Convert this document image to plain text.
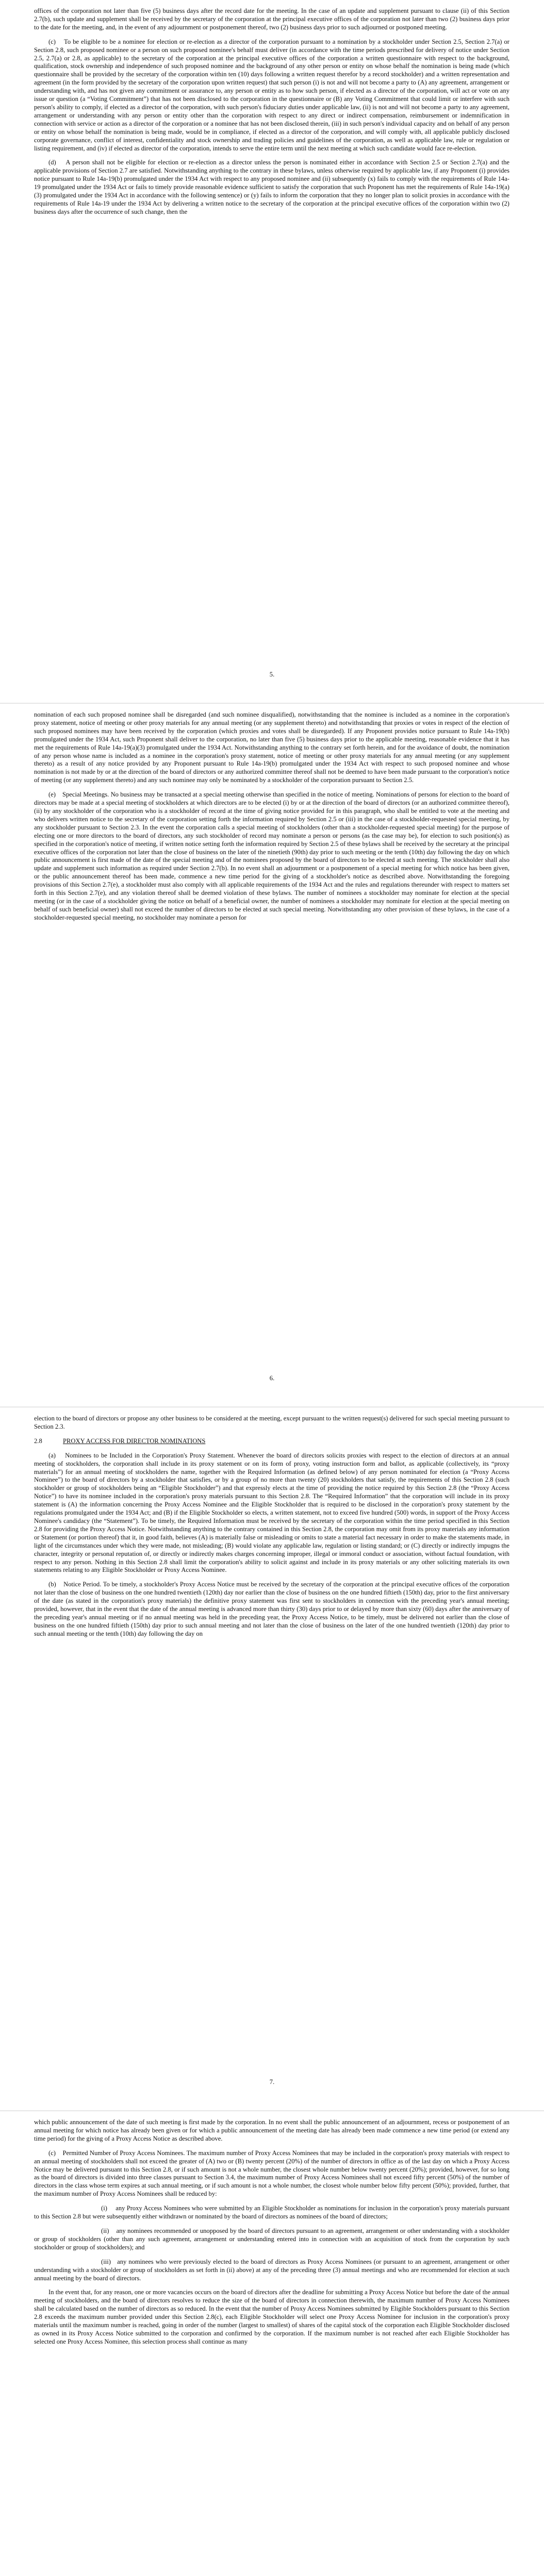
offices of the corporation not later than five (5) business days after the record date for the meeting. In the case of an update and supplement pursuant to clause (ii) of this Section 2.7(b), such update and supplement shall be received by the secretary of the corporation at the principal executive offices of the corporation not later than two (2) business days prior to the date for the meeting, and, in the event of any adjournment or postponement thereof, two (2) business days prior to such adjourned or postponed meeting.

(c)    To be eligible to be a nominee for election or re-election as a director of the corporation pursuant to a nomination by a stockholder under Section 2.5, Section 2.7(a) or Section 2.8, such proposed nominee or a person on such proposed nominee's behalf must deliver (in accordance with the time periods prescribed for delivery of notice under Section 2.5, 2.7(a) or 2.8, as applicable) to the secretary of the corporation at the principal executive offices of the corporation a written questionnaire with respect to the background, qualification, stock ownership and independence of such proposed nominee and the background of any other person or entity on whose behalf the nomination is being made (which questionnaire shall be provided by the secretary of the corporation within ten (10) days following a written request therefor by a record stockholder) and a written representation and agreement (in the form provided by the secretary of the corporation upon written request) that such person (i) is not and will not become a party to (A) any agreement, arrangement or understanding with, and has not given any commitment or assurance to, any person or entity as to how such person, if elected as a director of the corporation, will act or vote on any issue or question (a “Voting Commitment”) that has not been disclosed to the corporation in the questionnaire or (B) any Voting Commitment that could limit or interfere with such person's ability to comply, if elected as a director of the corporation, with such person's fiduciary duties under applicable law, (ii) is not and will not become a party to any agreement, arrangement or understanding with any person or entity other than the corporation with respect to any direct or indirect compensation, reimbursement or indemnification in connection with service or action as a director of the corporation or a nominee that has not been disclosed therein, (iii) in such person's individual capacity and on behalf of any person or entity on whose behalf the nomination is being made, would be in compliance, if elected as a director of the corporation, and will comply with, all applicable publicly disclosed corporate governance, conflict of interest, confidentiality and stock ownership and trading policies and guidelines of the corporation, as well as applicable law, rule or regulation or listing requirement, and (iv) if elected as director of the corporation, intends to serve the entire term until the next meeting at which such candidate would face re-election.

(d)    A person shall not be eligible for election or re-election as a director unless the person is nominated either in accordance with Section 2.5 or Section 2.7(a) and the applicable provisions of Section 2.7 are satisfied. Notwithstanding anything to the contrary in these bylaws, unless otherwise required by applicable law, if any Proponent (i) provides notice pursuant to Rule 14a-19(b) promulgated under the 1934 Act with respect to any proposed nominee and (ii) subsequently (x) fails to comply with the requirements of Rule 14a-19 promulgated under the 1934 Act or fails to timely provide reasonable evidence sufficient to satisfy the corporation that such Proponent has met the requirements of Rule 14a-19(a)(3) promulgated under the 1934 Act in accordance with the following sentence) or (y) fails to inform the corporation that they no longer plan to solicit proxies in accordance with the requirements of Rule 14a-19 under the 1934 Act by delivering a written notice to the secretary of the corporation at the principal executive offices of the corporation within two (2) business days after the occurrence of such change, then the

5.

nomination of each such proposed nominee shall be disregarded (and such nominee disqualified), notwithstanding that the nominee is included as a nominee in the corporation's proxy statement, notice of meeting or other proxy materials for any annual meeting (or any supplement thereto) and notwithstanding that proxies or votes in respect of the election of such proposed nominees may have been received by the corporation (which proxies and votes shall be disregarded). If any Proponent provides notice pursuant to Rule 14a-19(b) promulgated under the 1934 Act, such Proponent shall deliver to the corporation, no later than five (5) business days prior to the applicable meeting, reasonable evidence that it has met the requirements of Rule 14a-19(a)(3) promulgated under the 1934 Act. Notwithstanding anything to the contrary set forth herein, and for the avoidance of doubt, the nomination of any person whose name is included as a nominee in the corporation's proxy statement, notice of meeting or other proxy materials for any annual meeting (or any supplement thereto) as a result of any notice provided by any Proponent pursuant to Rule 14a-19(b) promulgated under the 1934 Act with respect to such proposed nominee and whose nomination is not made by or at the direction of the board of directors or any authorized committee thereof shall not be deemed to have been made pursuant to the corporation's notice of meeting (or any supplement thereto) and any such nominee may only be nominated by a stockholder of the corporation pursuant to Section 2.5.

(e)    Special Meetings. No business may be transacted at a special meeting otherwise than specified in the notice of meeting. Nominations of persons for election to the board of directors may be made at a special meeting of stockholders at which directors are to be elected (i) by or at the direction of the board of directors (or an authorized committee thereof), (ii) by any stockholder of the corporation who is a stockholder of record at the time of giving notice provided for in this paragraph, who shall be entitled to vote at the meeting and who delivers written notice to the secretary of the corporation setting forth the information required by Section 2.5 or (iii) in the case of a stockholder-requested special meeting, by any stockholder pursuant to Section 2.3. In the event the corporation calls a special meeting of stockholders (other than a stockholder-requested special meeting) for the purpose of electing one or more directors to the board of directors, any such stockholder of record may nominate a person or persons (as the case may be), for election to such position(s) as specified in the corporation's notice of meeting, if written notice setting forth the information required by Section 2.5 of these bylaws shall be received by the secretary at the principal executive offices of the corporation not later than the close of business on the later of the ninetieth (90th) day prior to such meeting or the tenth (10th) day following the day on which public announcement is first made of the date of the special meeting and of the nominees proposed by the board of directors to be elected at such meeting. The stockholder shall also update and supplement such information as required under Section 2.7(b). In no event shall an adjournment or a postponement of a special meeting for which notice has been given, or the public announcement thereof has been made, commence a new time period for the giving of a stockholder's notice as described above. Notwithstanding the foregoing provisions of this Section 2.7(e), a stockholder must also comply with all applicable requirements of the 1934 Act and the rules and regulations thereunder with respect to matters set forth in this Section 2.7(e), and any violation thereof shall be deemed violation of these bylaws. The number of nominees a stockholder may nominate for election at the special meeting (or in the case of a stockholder giving the notice on behalf of a beneficial owner, the number of nominees a stockholder may nominate for election at the special meeting on behalf of such beneficial owner) shall not exceed the number of directors to be elected at such special meeting. Notwithstanding any other provision of these bylaws, in the case of a stockholder-requested special meeting, no stockholder may nominate a person for

6.

election to the board of directors or propose any other business to be considered at the meeting, except pursuant to the written request(s) delivered for such special meeting pursuant to Section 2.3.

2.8	PROXY ACCESS FOR DIRECTOR NOMINATIONS

(a)    Nominees to be Included in the Corporation's Proxy Statement. Whenever the board of directors solicits proxies with respect to the election of directors at an annual meeting of stockholders, the corporation shall include in its proxy statement or on its form of proxy, voting instruction form and ballot, as applicable (collectively, its “proxy materials”) for an annual meeting of stockholders the name, together with the Required Information (as defined below) of any person nominated for election (a “Proxy Access Nominee”) to the board of directors by a stockholder that satisfies, or by a group of no more than twenty (20) stockholders that satisfy, the requirements of this Section 2.8 (such stockholder or group of stockholders being an “Eligible Stockholder”) and that expressly elects at the time of providing the notice required by this Section 2.8 (the “Proxy Access Notice”) to have its nominee included in the corporation's proxy materials pursuant to this Section 2.8. The “Required Information” that the corporation will include in its proxy statement is (A) the information concerning the Proxy Access Nominee and the Eligible Stockholder that is required to be disclosed in the corporation's proxy statement by the regulations promulgated under the 1934 Act; and (B) if the Eligible Stockholder so elects, a written statement, not to exceed five hundred (500) words, in support of the Proxy Access Nominee's candidacy (the “Statement”). To be timely, the Required Information must be received by the secretary of the corporation within the time period specified in this Section 2.8 for providing the Proxy Access Notice. Notwithstanding anything to the contrary contained in this Section 2.8, the corporation may omit from its proxy materials any information or Statement (or portion thereof) that it, in good faith, believes (A) is materially false or misleading or omits to state a material fact necessary in order to make the statements made, in light of the circumstances under which they were made, not misleading; (B) would violate any applicable law, regulation or listing standard; or (C) directly or indirectly impugns the character, integrity or personal reputation of, or directly or indirectly makes charges concerning improper, illegal or immoral conduct or association, without factual foundation, with respect to any person. Nothing in this Section 2.8 shall limit the corporation's ability to solicit against and include in its proxy materials or any other soliciting materials its own statements relating to any Eligible Stockholder or Proxy Access Nominee.

(b)    Notice Period. To be timely, a stockholder's Proxy Access Notice must be received by the secretary of the corporation at the principal executive offices of the corporation not later than the close of business on the one hundred twentieth (120th) day nor earlier than the close of business on the one hundred fiftieth (150th) day, prior to the first anniversary of the date (as stated in the corporation's proxy materials) the definitive proxy statement was first sent to stockholders in connection with the preceding year's annual meeting; provided, however, that in the event that the date of the annual meeting is advanced more than thirty (30) days prior to or delayed by more than sixty (60) days after the anniversary of the preceding year's annual meeting or if no annual meeting was held in the preceding year, the Proxy Access Notice, to be timely, must be delivered not earlier than the close of business on the one hundred fiftieth (150th) day prior to such annual meeting and not later than the close of business on the later of the one hundred twentieth (120th) day prior to such annual meeting or the tenth (10th) day following the day on

7.

which public announcement of the date of such meeting is first made by the corporation. In no event shall the public announcement of an adjournment, recess or postponement of an annual meeting for which notice has already been given or for which a public announcement of the meeting date has already been made commence a new time period (or extend any time period) for the giving of a Proxy Access Notice as described above.

(c)    Permitted Number of Proxy Access Nominees. The maximum number of Proxy Access Nominees that may be included in the corporation's proxy materials with respect to an annual meeting of stockholders shall not exceed the greater of (A) two or (B) twenty percent (20%) of the number of directors in office as of the last day on which a Proxy Access Notice may be delivered pursuant to this Section 2.8, or if such amount is not a whole number, the closest whole number below twenty percent (20%); provided, however, for so long as the board of directors is divided into three classes pursuant to Section 3.4, the maximum number of Proxy Access Nominees shall not exceed fifty percent (50%) of the number of directors in the class whose term expires at such annual meeting, or if such amount is not a whole number, the closest whole number below fifty percent (50%); provided, further, that the maximum number of Proxy Access Nominees shall be reduced by:

(i)     any Proxy Access Nominees who were submitted by an Eligible Stockholder as nominations for inclusion in the corporation's proxy materials pursuant to this Section 2.8 but were subsequently either withdrawn or nominated by the board of directors as nominees of the board of directors;

(ii)    any nominees recommended or unopposed by the board of directors pursuant to an agreement, arrangement or other understanding with a stockholder or group of stockholders (other than any such agreement, arrangement or understanding entered into in connection with an acquisition of stock from the corporation by such stockholder or group of stockholders); and

(iii)   any nominees who were previously elected to the board of directors as Proxy Access Nominees (or pursuant to an agreement, arrangement or other understanding with a stockholder or group of stockholders as set forth in (ii) above) at any of the preceding three (3) annual meetings and who are recommended for election at such annual meeting by the board of directors.

In the event that, for any reason, one or more vacancies occurs on the board of directors after the deadline for submitting a Proxy Access Notice but before the date of the annual meeting of stockholders, and the board of directors resolves to reduce the size of the board of directors in connection therewith, the maximum number of Proxy Access Nominees shall be calculated based on the number of directors as so reduced. In the event that the number of Proxy Access Nominees submitted by Eligible Stockholders pursuant to this Section 2.8 exceeds the maximum number provided under this Section 2.8(c), each Eligible Stockholder will select one Proxy Access Nominee for inclusion in the corporation's proxy materials until the maximum number is reached, going in order of the number (largest to smallest) of shares of the capital stock of the corporation each Eligible Stockholder disclosed as owned in its Proxy Access Notice submitted to the corporation and confirmed by the corporation. If the maximum number is not reached after each Eligible Stockholder has selected one Proxy Access Nominee, this selection process shall continue as many
